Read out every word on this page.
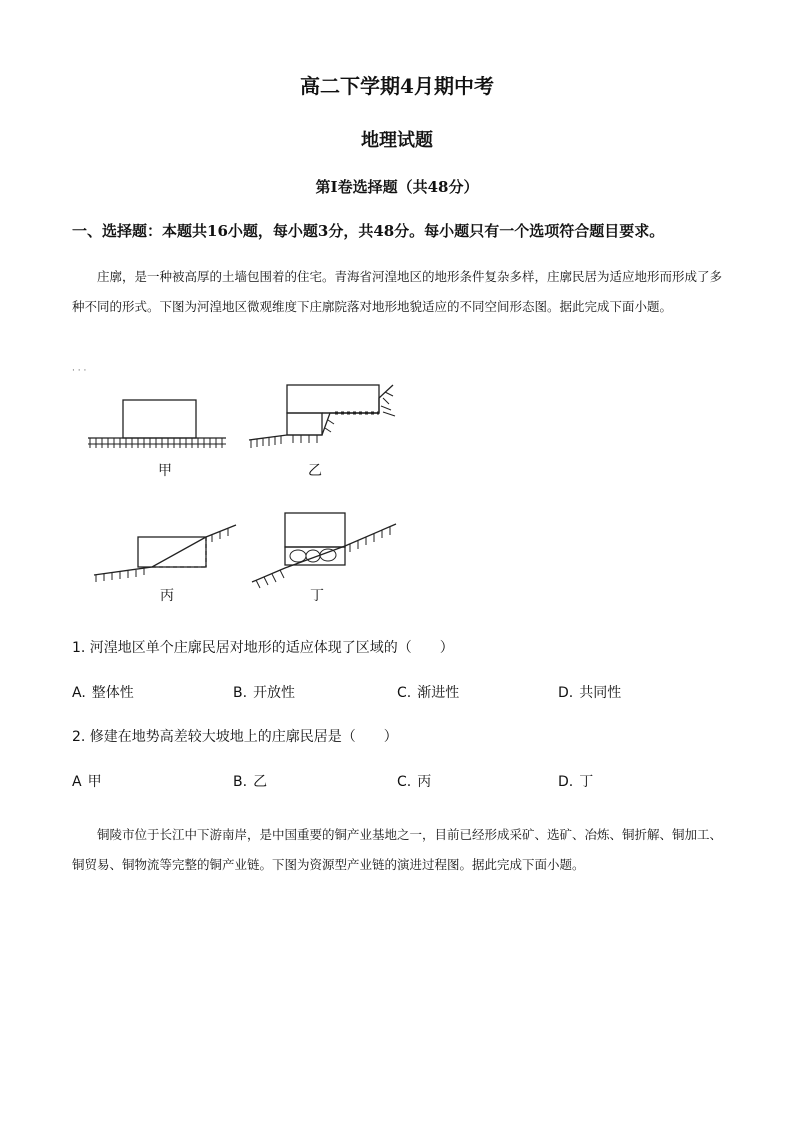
高二下学期4月期中考
地理试题
第Ⅰ卷选择题（共48分）
一、选择题：本题共16小题，每小题3分，共48分。每小题只有一个选项符合题目要求。
庄廓，是一种被高厚的土墙包围着的住宅。青海省河湟地区的地形条件复杂多样，庄廓民居为适应地形而形成了多种不同的形式。下图为河湟地区微观维度下庄廓院落对地形地貌适应的不同空间形态图。据此完成下面小题。
· · ·
甲	乙
丙	丁
1. 河湟地区单个庄廓民居对地形的适应体现了区域的（　　）
A. 整体性	B. 开放性	C. 渐进性	D. 共同性
2. 修建在地势高差较大坡地上的庄廓民居是（　　）
A 甲	B. 乙	C. 丙	D. 丁
铜陵市位于长江中下游南岸，是中国重要的铜产业基地之一，目前已经形成采矿、选矿、冶炼、铜折解、铜加工、铜贸易、铜物流等完整的铜产业链。下图为资源型产业链的演进过程图。据此完成下面小题。
